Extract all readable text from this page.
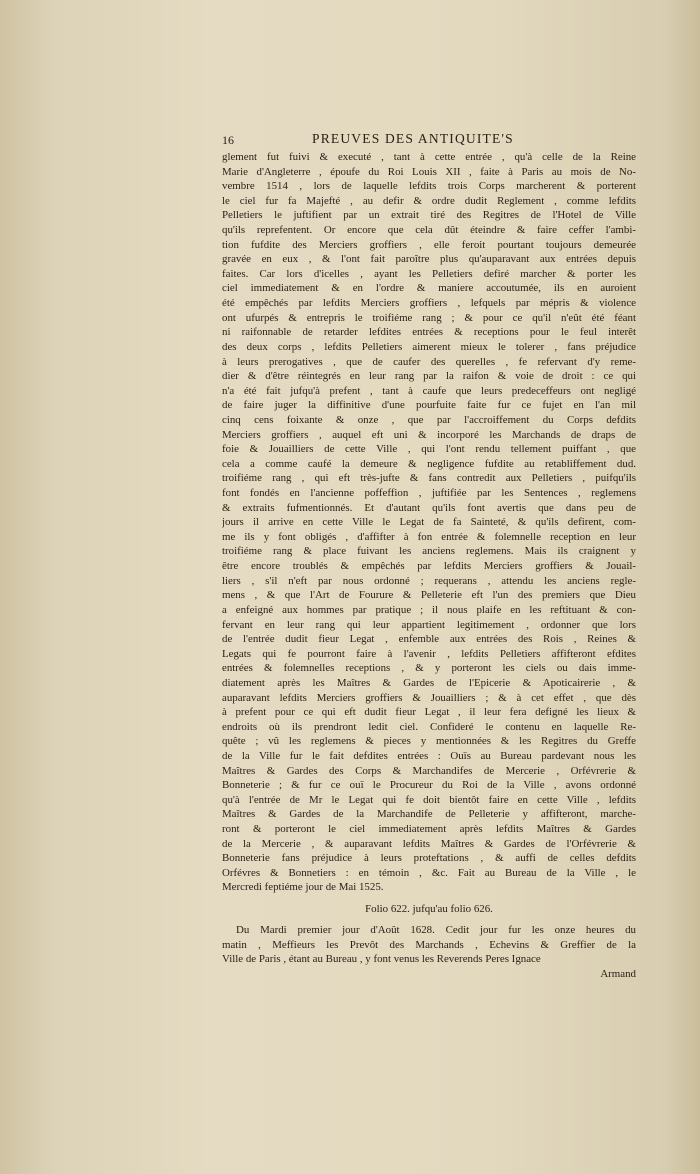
16	PREUVES DES ANTIQUITE'S
glement fut fuivi & executé , tant à cette entrée , qu'à celle de la Reine
Marie d'Angleterre , époufe du Roi Louis XII , faite à Paris au mois de No-
vembre 1514 , lors de laquelle lefdits trois Corps marcherent & porterent
le ciel fur fa Majefté , au defir & ordre dudit Reglement , comme lefdits
Pelletiers le juftifient par un extrait tiré des Regitres de l'Hotel de Ville
qu'ils reprefentent. Or encore que cela dût éteindre & faire ceffer l'ambi-
tion fufdite des Merciers groffiers , elle feroit pourtant toujours demeurée
gravée en eux , & l'ont fait paroître plus qu'auparavant aux entrées depuis
faites. Car lors d'icelles , ayant les Pelletiers defiré marcher & porter les
ciel immediatement & en l'ordre & maniere accoutumée, ils en auroient
été empêchés par lefdits Merciers groffiers , lefquels par mépris & violence
ont ufurpés & entrepris le troifiéme rang ; & pour ce qu'il n'eût été féant
ni raifonnable de retarder lefdites entrées & receptions pour le feul interêt
des deux corps , lefdits Pelletiers aimerent mieux le tolerer , fans préjudice
à leurs prerogatives , que de caufer des querelles , fe refervant d'y reme-
dier & d'être réintegrés en leur rang par la raifon & voie de droit : ce qui
n'a été fait jufqu'à prefent , tant à caufe que leurs predeceffeurs ont negligé
de faire juger la diffinitive d'une pourfuite faite fur ce fujet en l'an mil
cinq cens foixante & onze , que par l'accroiffement du Corps defdits
Merciers groffiers , auquel eft uni & incorporé les Marchands de draps de
foie & Jouailliers de cette Ville , qui l'ont rendu tellement puiffant , que
cela a comme caufé la demeure & negligence fufdite au retabliffement dud.
troifiéme rang , qui eft très-jufte & fans contredit aux Pelletiers , puifqu'ils
font fondés en l'ancienne poffeffion , juftifiée par les Sentences , reglemens
& extraits fufmentionnés. Et d'autant qu'ils font avertis que dans peu de
jours il arrive en cette Ville le Legat de fa Sainteté, & qu'ils defirent, com-
me ils y font obligés , d'affifter à fon entrée & folemnelle reception en leur
troifiéme rang & place fuivant les anciens reglemens. Mais ils craignent y
être encore troublés & empêchés par lefdits Merciers groffiers & Jouail-
liers , s'il n'eft par nous ordonné ; requerans , attendu les anciens regle-
mens , & que l'Art de Fourure & Pelleterie eft l'un des premiers que Dieu
a enfeigné aux hommes par pratique ; il nous plaife en les reftituant & con-
fervant en leur rang qui leur appartient legitimement , ordonner que lors
de l'entrée dudit fieur Legat , enfemble aux entrées des Rois , Reines &
Legats qui fe pourront faire à l'avenir , lefdits Pelletiers affifteront efdites
entrées & folemnelles receptions , & y porteront les ciels ou dais imme-
diatement après les Maîtres & Gardes de l'Epicerie & Apoticairerie , &
auparavant lefdits Merciers groffiers & Jouailliers ; & à cet effet , que dès
à prefent pour ce qui eft dudit fieur Legat , il leur fera defigné les lieux &
endroits où ils prendront ledit ciel. Confideré le contenu en laquelle Re-
quête ; vû les reglemens & pieces y mentionnées & les Regitres du Greffe
de la Ville fur le fait defdites entrées : Ouïs au Bureau pardevant nous les
Maîtres & Gardes des Corps & Marchandifes de Mercerie , Orfévrerie &
Bonneterie ; & fur ce ouï le Procureur du Roi de la Ville , avons ordonné
qu'à l'entrée de Mr le Legat qui fe doit bientôt faire en cette Ville , lefdits
Maîtres & Gardes de la Marchandife de Pelleterie y affifteront, marche-
ront & porteront le ciel immediatement après lefdits Maîtres & Gardes
de la Mercerie , & auparavant lefdits Maîtres & Gardes de l'Orfévrerie &
Bonneterie fans préjudice à leurs proteftations , & auffi de celles defdits
Orfévres & Bonnetiers : en témoin , &c. Fait au Bureau de la Ville , le
Mercredi feptiéme jour de Mai 1525.
Folio 622. jufqu'au folio 626.
Du Mardi premier jour d'Août 1628. Cedit jour fur les onze heures du
matin , Meffieurs les Prevôt des Marchands , Echevins & Greffier de la
Ville de Paris , étant au Bureau , y font venus les Reverends Peres Ignace
Armand
